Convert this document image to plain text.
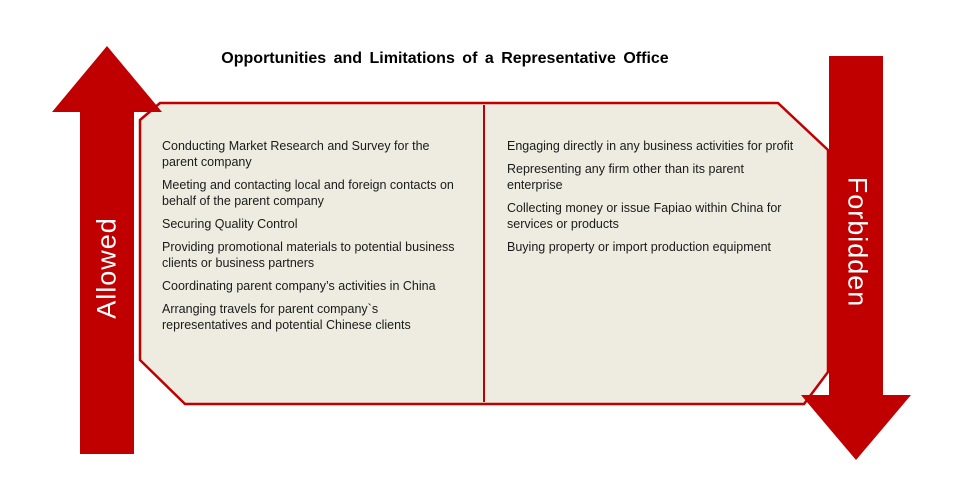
Opportunities and Limitations of a Representative Office
Allowed	Forbidden
Conducting Market Research and Survey for the parent company
Meeting and contacting local and foreign contacts on behalf of the parent company
Securing Quality Control
Providing promotional materials to potential business clients or business partners
Coordinating parent company’s activities in China
Arranging travels for parent company`s representatives and potential Chinese clients
Engaging directly in any business activities for profit
Representing any firm other than its parent enterprise
Collecting money or issue Fapiao within China for services or products
Buying property or import production equipment
